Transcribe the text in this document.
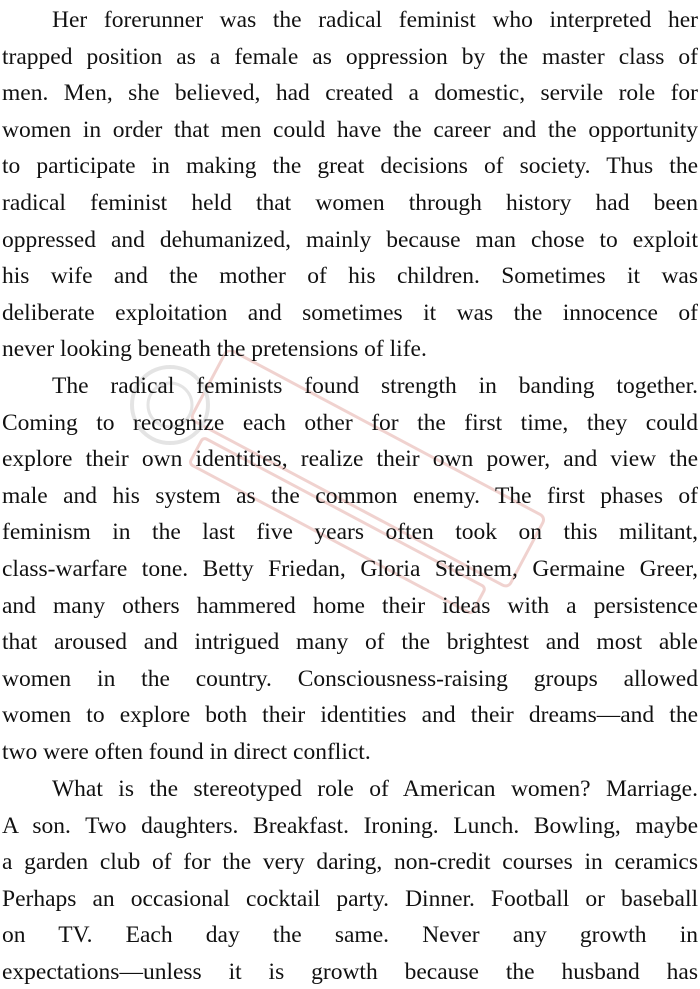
Her forerunner was the radical feminist who interpreted her
trapped position as a female as oppression by the master class of
men. Men, she believed, had created a domestic, servile role for
women in order that men could have the career and the opportunity
to participate in making the great decisions of society. Thus the
radical feminist held that women through history had been
oppressed and dehumanized, mainly because man chose to exploit
his wife and the mother of his children. Sometimes it was
deliberate exploitation and sometimes it was the innocence of
never looking beneath the pretensions of life.
The radical feminists found strength in banding together.
Coming to recognize each other for the first time, they could
explore their own identities, realize their own power, and view the
male and his system as the common enemy. The first phases of
feminism in the last five years often took on this militant,
class-warfare tone. Betty Friedan, Gloria Steinem, Germaine Greer,
and many others hammered home their ideas with a persistence
that aroused and intrigued many of the brightest and most able
women in the country. Consciousness-raising groups allowed
women to explore both their identities and their dreams—and the
two were often found in direct conflict.
What is the stereotyped role of American women? Marriage.
A son. Two daughters. Breakfast. Ironing. Lunch. Bowling, maybe
a garden club of for the very daring, non-credit courses in ceramics
Perhaps an occasional cocktail party. Dinner. Football or baseball
on TV. Each day the same. Never any growth in
expectations—unless it is growth because the husband has
